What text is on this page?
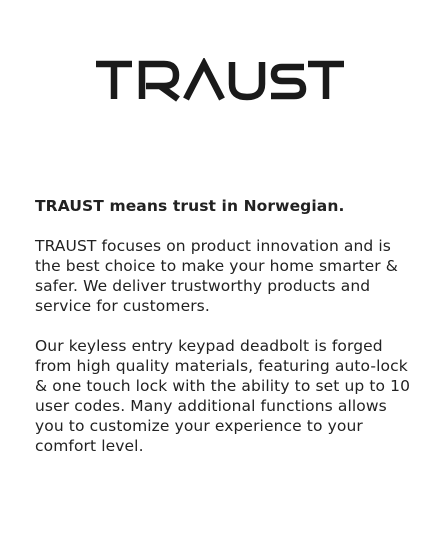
TRAUST means trust in Norwegian.

TRAUST focuses on product innovation and is the best choice to make your home smarter & safer. We deliver trustworthy products and service for customers.

Our keyless entry keypad deadbolt is forged from high quality materials, featuring auto-lock & one touch lock with the ability to set up to 10 user codes. Many additional functions allows you to customize your experience to your comfort level.
